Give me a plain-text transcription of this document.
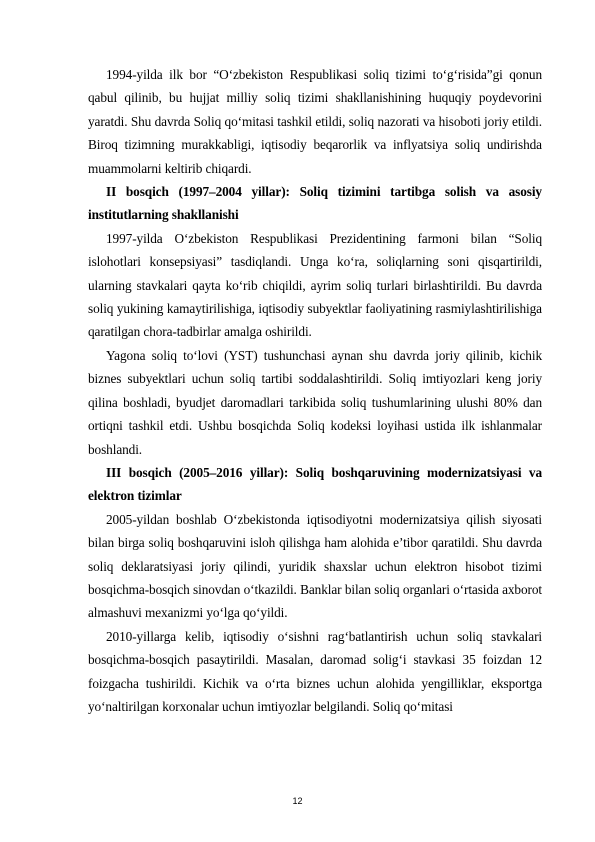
1994-yilda ilk bor “O‘zbekiston Respublikasi soliq tizimi to‘g‘risida”gi qonun qabul qilinib, bu hujjat milliy soliq tizimi shakllanishining huquqiy poydevorini yaratdi. Shu davrda Soliq qo‘mitasi tashkil etildi, soliq nazorati va hisoboti joriy etildi. Biroq tizimning murakkabligi, iqtisodiy beqarorlik va inflyatsiya soliq undirishda muammolarni keltirib chiqardi.

II bosqich (1997–2004 yillar): Soliq tizimini tartibga solish va asosiy institutlarning shakllanishi

1997-yilda O‘zbekiston Respublikasi Prezidentining farmoni bilan “Soliq islohotlari konsepsiyasi” tasdiqlandi. Unga ko‘ra, soliqlarning soni qisqartirildi, ularning stavkalari qayta ko‘rib chiqildi, ayrim soliq turlari birlashtirildi. Bu davrda soliq yukining kamaytirilishiga, iqtisodiy subyektlar faoliyatining rasmiylashtirilishiga qaratilgan chora-tadbirlar amalga oshirildi.

Yagona soliq to‘lovi (YST) tushunchasi aynan shu davrda joriy qilinib, kichik biznes subyektlari uchun soliq tartibi soddalashtirildi. Soliq imtiyozlari keng joriy qilina boshladi, byudjet daromadlari tarkibida soliq tushumlarining ulushi 80% dan ortiqni tashkil etdi. Ushbu bosqichda Soliq kodeksi loyihasi ustida ilk ishlanmalar boshlandi.

III bosqich (2005–2016 yillar): Soliq boshqaruvining modernizatsiyasi va elektron tizimlar

2005-yildan boshlab O‘zbekistonda iqtisodiyotni modernizatsiya qilish siyosati bilan birga soliq boshqaruvini isloh qilishga ham alohida e’tibor qaratildi. Shu davrda soliq deklaratsiyasi joriy qilindi, yuridik shaxslar uchun elektron hisobot tizimi bosqichma-bosqich sinovdan o‘tkazildi. Banklar bilan soliq organlari o‘rtasida axborot almashuvi mexanizmi yo‘lga qo‘yildi.

2010-yillarga kelib, iqtisodiy o‘sishni rag‘batlantirish uchun soliq stavkalari bosqichma-bosqich pasaytirildi. Masalan, daromad solig‘i stavkasi 35 foizdan 12 foizgacha tushirildi. Kichik va o‘rta biznes uchun alohida yengilliklar, eksportga yo‘naltirilgan korxonalar uchun imtiyozlar belgilandi. Soliq qo‘mitasi

12
